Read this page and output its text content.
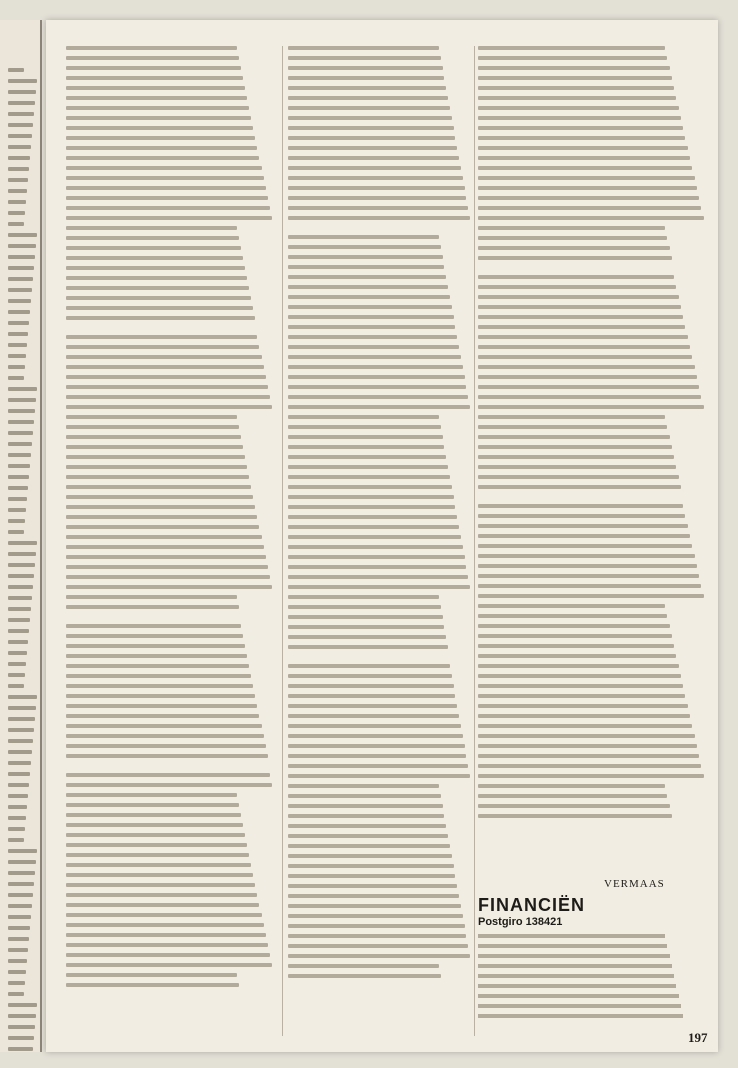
VERMAAS
FINANCIËN
Postgiro 138421
197
